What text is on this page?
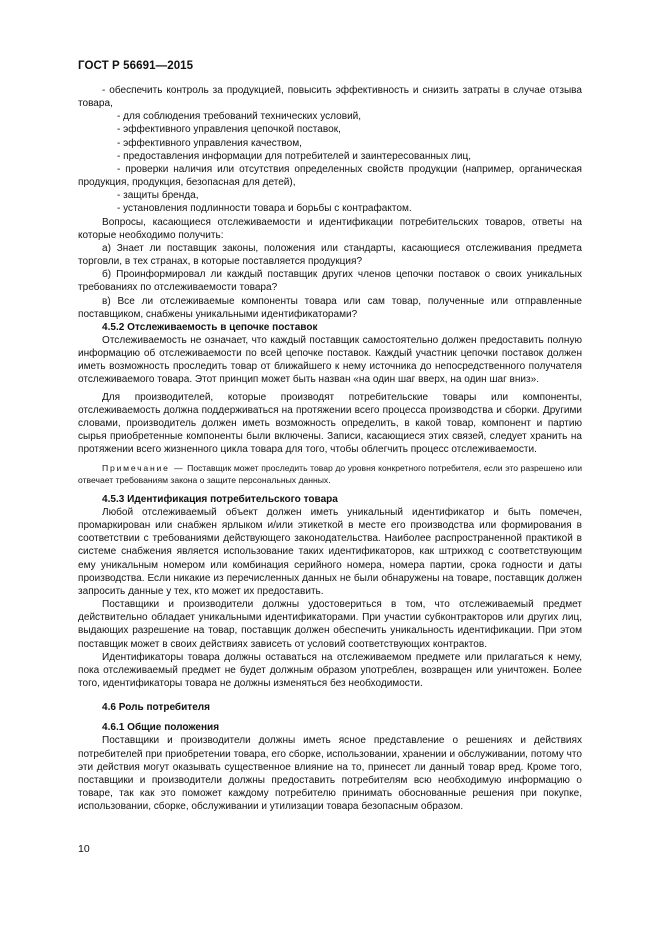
ГОСТ Р 56691—2015

- обеспечить контроль за продукцией, повысить эффективность и снизить затраты в случае отзыва товара,

- для соблюдения требований технических условий,

- эффективного управления цепочкой поставок,

- эффективного управления качеством,

- предоставления информации для потребителей и заинтересованных лиц,

- проверки наличия или отсутствия определенных свойств продукции (например, органическая продукция, продукция, безопасная для детей),

- защиты бренда,

- установления подлинности товара и борьбы с контрафактом.

Вопросы, касающиеся отслеживаемости и идентификации потребительских товаров, ответы на которые необходимо получить:

а) Знает ли поставщик законы, положения или стандарты, касающиеся отслеживания предмета торговли, в тех странах, в которые поставляется продукция?

б) Проинформировал ли каждый поставщик других членов цепочки поставок о своих уникальных требованиях по отслеживаемости товара?

в) Все ли отслеживаемые компоненты товара или сам товар, полученные или отправленные поставщиком, снабжены уникальными идентификаторами?

4.5.2 Отслеживаемость в цепочке поставок

Отслеживаемость не означает, что каждый поставщик самостоятельно должен предоставить полную информацию об отслеживаемости по всей цепочке поставок. Каждый участник цепочки поставок должен иметь возможность проследить товар от ближайшего к нему источника до непосредственного получателя отслеживаемого товара. Этот принцип может быть назван «на один шаг вверх, на один шаг вниз».

Для производителей, которые производят потребительские товары или компоненты, отслеживаемость должна поддерживаться на протяжении всего процесса производства и сборки. Другими словами, производитель должен иметь возможность определить, в какой товар, компонент и партию сырья приобретенные компоненты были включены. Записи, касающиеся этих связей, следует хранить на протяжении всего жизненного цикла товара для того, чтобы облегчить процесс отслеживаемости.

Примечание — Поставщик может проследить товар до уровня конкретного потребителя, если это разрешено или отвечает требованиям закона о защите персональных данных.

4.5.3 Идентификация потребительского товара

Любой отслеживаемый объект должен иметь уникальный идентификатор и быть помечен, промаркирован или снабжен ярлыком и/или этикеткой в месте его производства или формирования в соответствии с требованиями действующего законодательства. Наиболее распространенной практикой в системе снабжения является использование таких идентификаторов, как штрихкод с соответствующим ему уникальным номером или комбинация серийного номера, номера партии, срока годности и даты производства. Если никакие из перечисленных данных не были обнаружены на товаре, поставщик должен запросить данные у тех, кто может их предоставить.

Поставщики и производители должны удостовериться в том, что отслеживаемый предмет действительно обладает уникальными идентификаторами. При участии субконтракторов или других лиц, выдающих разрешение на товар, поставщик должен обеспечить уникальность идентификации. При этом поставщик может в своих действиях зависеть от условий соответствующих контрактов.

Идентификаторы товара должны оставаться на отслеживаемом предмете или прилагаться к нему, пока отслеживаемый предмет не будет должным образом употреблен, возвращен или уничтожен. Более того, идентификаторы товара не должны изменяться без необходимости.

4.6 Роль потребителя

4.6.1 Общие положения

Поставщики и производители должны иметь ясное представление о решениях и действиях потребителей при приобретении товара, его сборке, использовании, хранении и обслуживании, потому что эти действия могут оказывать существенное влияние на то, принесет ли данный товар вред. Кроме того, поставщики и производители должны предоставить потребителям всю необходимую информацию о товаре, так как это поможет каждому потребителю принимать обоснованные решения при покупке, использовании, сборке, обслуживании и утилизации товара безопасным образом.

10
